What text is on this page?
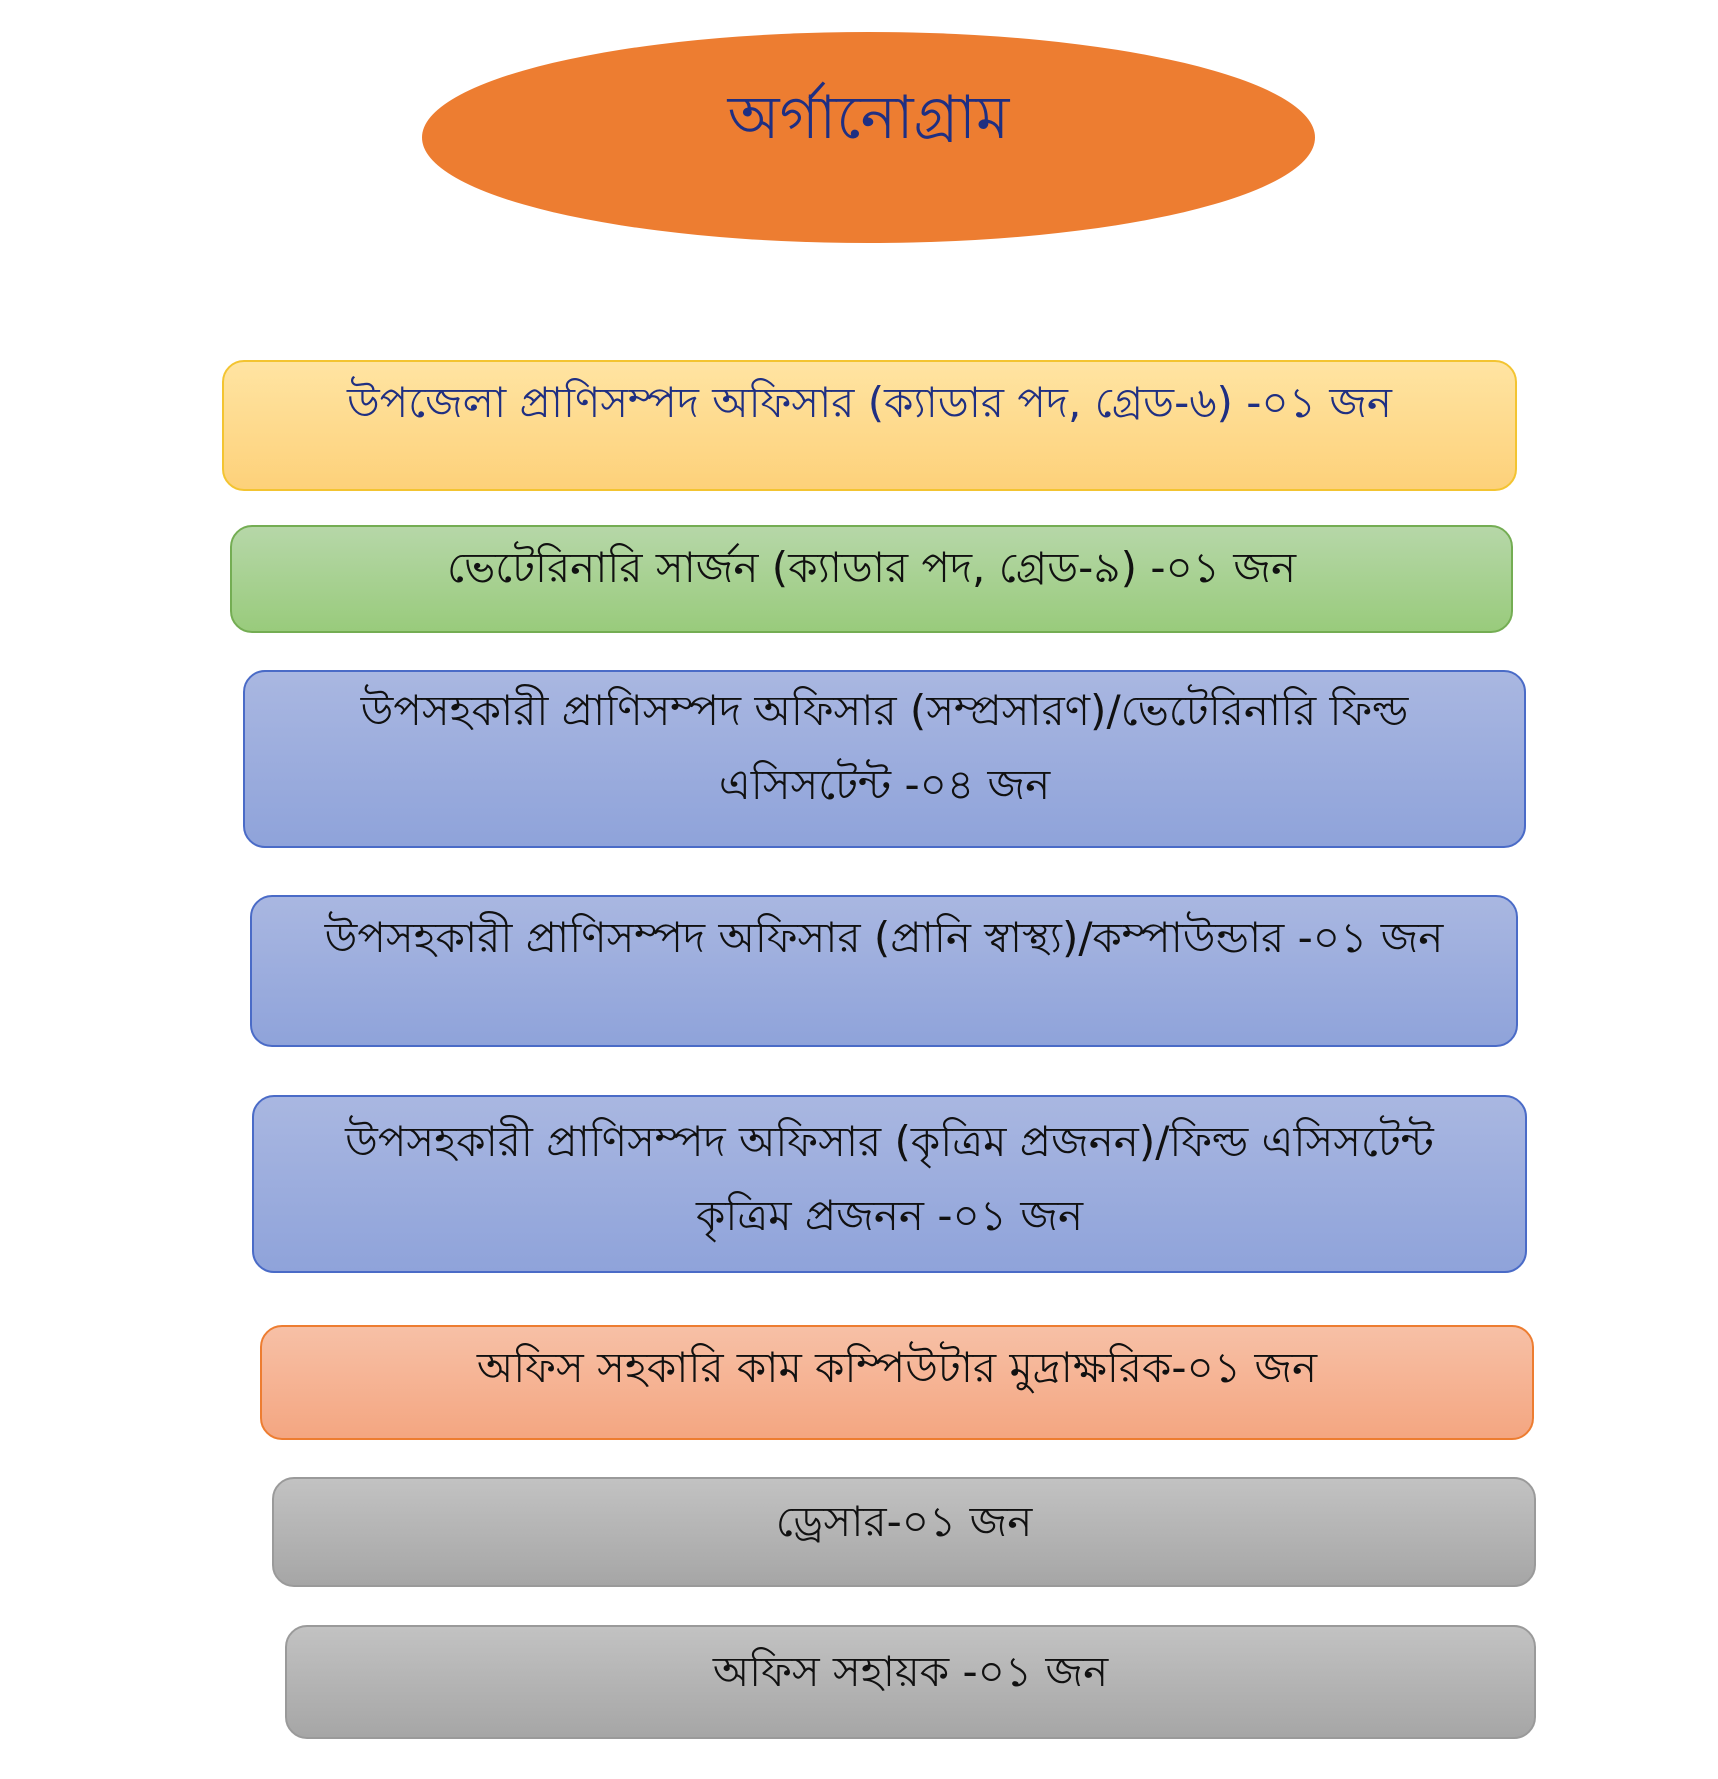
অর্গানোগ্রাম
উপজেলা প্রাণিসম্পদ অফিসার (ক্যাডার পদ, গ্রেড-৬) -০১ জন
ভেটেরিনারি সার্জন (ক্যাডার পদ, গ্রেড-৯) -০১ জন
উপসহকারী প্রাণিসম্পদ অফিসার (সম্প্রসারণ)/ভেটেরিনারি ফিল্ড এসিসটেন্ট -০৪ জন
উপসহকারী প্রাণিসম্পদ অফিসার (প্রানি স্বাস্থ্য)/কম্পাউন্ডার -০১ জন
উপসহকারী প্রাণিসম্পদ অফিসার (কৃত্রিম প্রজনন)/ফিল্ড এসিসটেন্ট কৃত্রিম প্রজনন -০১ জন
অফিস সহকারি কাম কম্পিউটার মুদ্রাক্ষরিক-০১ জন
ড্রেসার-০১ জন
অফিস সহায়ক -০১ জন
